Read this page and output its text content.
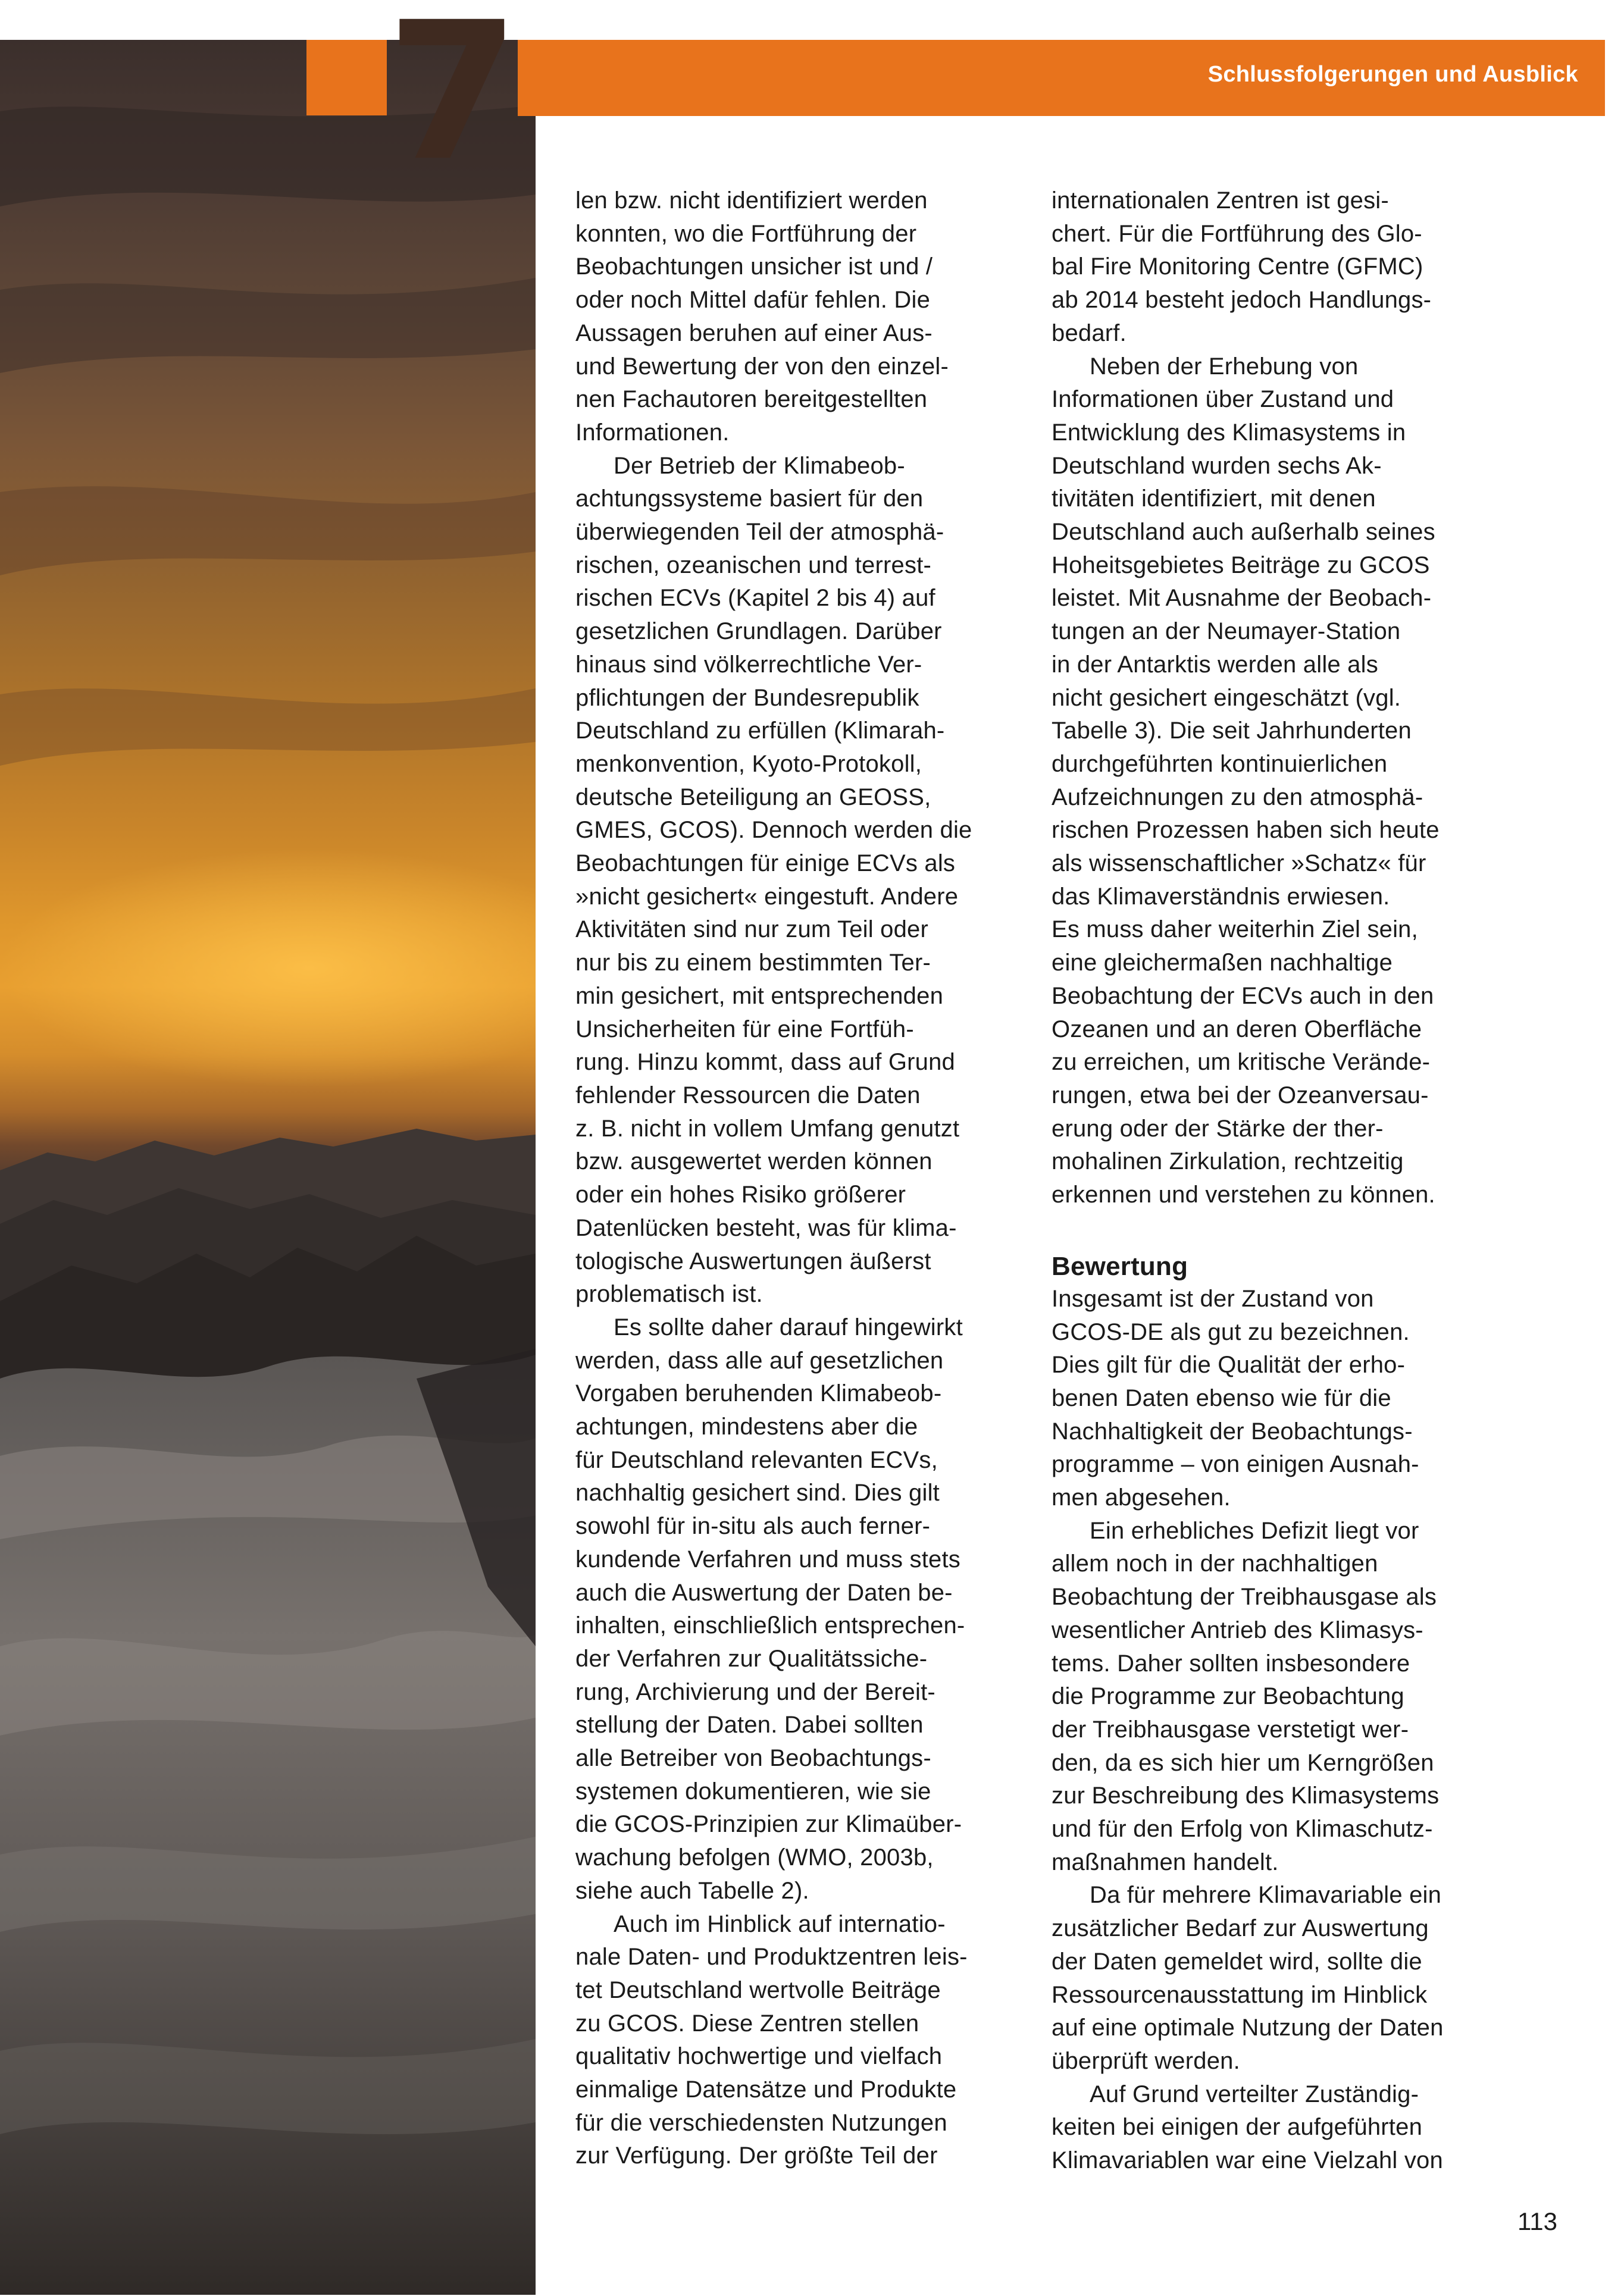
7	Schlussfolgerungen und Ausblick

len bzw. nicht identifiziert werden
konnten, wo die Fortführung der
Beobachtungen unsicher ist und /
oder noch Mittel dafür fehlen. Die
Aussagen beruhen auf einer Aus-
und Bewertung der von den einzel-
nen Fachautoren bereitgestellten
Informationen.

Der Betrieb der Klimabeob-
achtungssysteme basiert für den
überwiegenden Teil der atmosphä-
rischen, ozeanischen und terrest-
rischen ECVs (Kapitel 2 bis 4) auf
gesetzlichen Grundlagen. Darüber
hinaus sind völkerrechtliche Ver-
pflichtungen der Bundesrepublik
Deutschland zu erfüllen (Klimarah-
menkonvention, Kyoto-Protokoll,
deutsche Beteiligung an GEOSS,
GMES, GCOS). Dennoch werden die
Beobachtungen für einige ECVs als
»nicht gesichert« eingestuft. Andere
Aktivitäten sind nur zum Teil oder
nur bis zu einem bestimmten Ter-
min gesichert, mit entsprechenden
Unsicherheiten für eine Fortfüh-
rung. Hinzu kommt, dass auf Grund
fehlender Ressourcen die Daten
z. B. nicht in vollem Umfang genutzt
bzw. ausgewertet werden können
oder ein hohes Risiko größerer
Datenlücken besteht, was für klima-
tologische Auswertungen äußerst
problematisch ist.

Es sollte daher darauf hingewirkt
werden, dass alle auf gesetzlichen
Vorgaben beruhenden Klimabeob-
achtungen, mindestens aber die
für Deutschland relevanten ECVs,
nachhaltig gesichert sind. Dies gilt
sowohl für in-situ als auch ferner-
kundende Verfahren und muss stets
auch die Auswertung der Daten be-
inhalten, einschließlich entsprechen-
der Verfahren zur Qualitätssiche-
rung, Archivierung und der Bereit-
stellung der Daten. Dabei sollten
alle Betreiber von Beobachtungs-
systemen dokumentieren, wie sie
die GCOS-Prinzipien zur Klimaüber-
wachung befolgen (WMO, 2003b,
siehe auch Tabelle 2).

Auch im Hinblick auf internatio-
nale Daten- und Produktzentren leis-
tet Deutschland wertvolle Beiträge
zu GCOS. Diese Zentren stellen
qualitativ hochwertige und vielfach
einmalige Datensätze und Produkte
für die verschiedensten Nutzungen
zur Verfügung. Der größte Teil der

internationalen Zentren ist gesi-
chert. Für die Fortführung des Glo-
bal Fire Monitoring Centre (GFMC)
ab 2014 besteht jedoch Handlungs-
bedarf.

Neben der Erhebung von
Informationen über Zustand und
Entwicklung des Klimasystems in
Deutschland wurden sechs Ak-
tivitäten identifiziert, mit denen
Deutschland auch außerhalb seines
Hoheitsgebietes Beiträge zu GCOS
leistet. Mit Ausnahme der Beobach-
tungen an der Neumayer-Station
in der Antarktis werden alle als
nicht gesichert eingeschätzt (vgl.
Tabelle 3). Die seit Jahrhunderten
durchgeführten kontinuierlichen
Aufzeichnungen zu den atmosphä-
rischen Prozessen haben sich heute
als wissenschaftlicher »Schatz« für
das Klimaverständnis erwiesen.
Es muss daher weiterhin Ziel sein,
eine gleichermaßen nachhaltige
Beobachtung der ECVs auch in den
Ozeanen und an deren Oberfläche
zu erreichen, um kritische Verände-
rungen, etwa bei der Ozeanversau-
erung oder der Stärke der ther-
mohalinen Zirkulation, rechtzeitig
erkennen und verstehen zu können.

Bewertung

Insgesamt ist der Zustand von
GCOS-DE als gut zu bezeichnen.
Dies gilt für die Qualität der erho-
benen Daten ebenso wie für die
Nachhaltigkeit der Beobachtungs-
programme – von einigen Ausnah-
men abgesehen.

Ein erhebliches Defizit liegt vor
allem noch in der nachhaltigen
Beobachtung der Treibhausgase als
wesentlicher Antrieb des Klimasys-
tems. Daher sollten insbesondere
die Programme zur Beobachtung
der Treibhausgase verstetigt wer-
den, da es sich hier um Kerngrößen
zur Beschreibung des Klimasystems
und für den Erfolg von Klimaschutz-
maßnahmen handelt.

Da für mehrere Klimavariable ein
zusätzlicher Bedarf zur Auswertung
der Daten gemeldet wird, sollte die
Ressourcenausstattung im Hinblick
auf eine optimale Nutzung der Daten
überprüft werden.

Auf Grund verteilter Zuständig-
keiten bei einigen der aufgeführten
Klimavariablen war eine Vielzahl von

113
